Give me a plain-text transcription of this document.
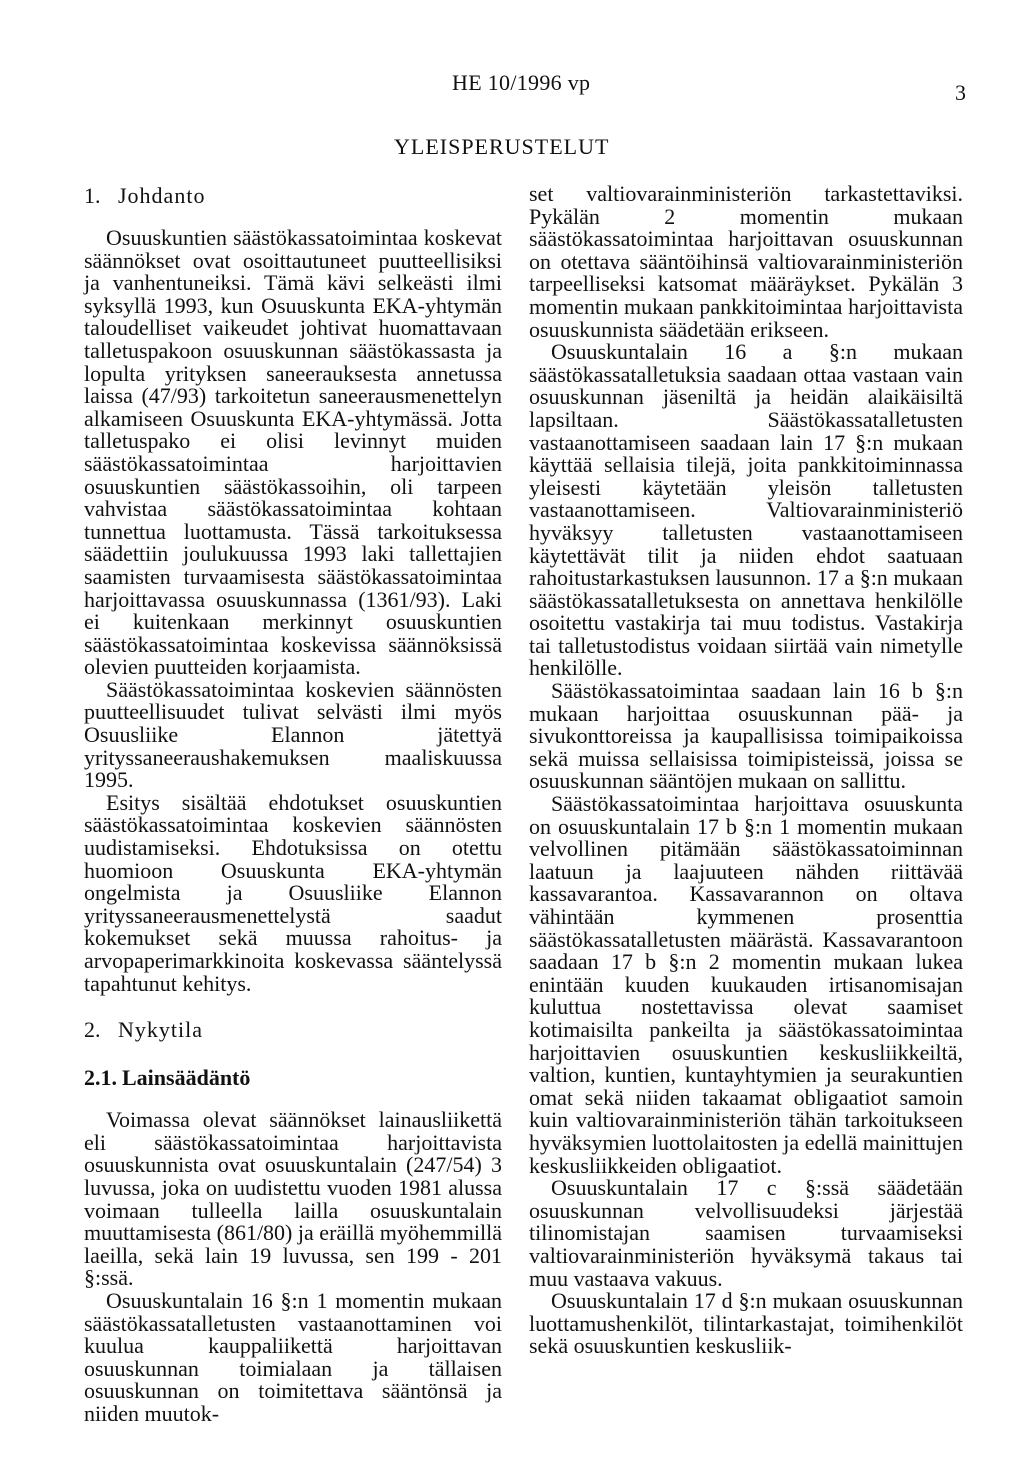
HE 10/1996 vp	3
YLEISPERUSTELUT
1. Johdanto

Osuuskuntien säästökassatoimintaa koskevat säännökset ovat osoittautuneet puutteellisiksi ja vanhentuneiksi. Tämä kävi selkeästi ilmi syksyllä 1993, kun Osuuskunta EKA-yhtymän taloudelliset vaikeudet johtivat huomattavaan talletuspakoon osuuskunnan säästökassasta ja lopulta yrityksen saneerauksesta annetussa laissa (47/93) tarkoitetun saneerausmenettelyn alkamiseen Osuuskunta EKA-yhtymässä. Jotta talletuspako ei olisi levinnyt muiden säästökassatoimintaa harjoittavien osuuskuntien säästökassoihin, oli tarpeen vahvistaa säästökassatoimintaa kohtaan tunnettua luottamusta. Tässä tarkoituksessa säädettiin joulukuussa 1993 laki tallettajien saamisten turvaamisesta säästökassatoimintaa harjoittavassa osuuskunnassa (1361/93). Laki ei kuitenkaan merkinnyt osuuskuntien säästökassatoimintaa koskevissa säännöksissä olevien puutteiden korjaamista.

Säästökassatoimintaa koskevien säännösten puutteellisuudet tulivat selvästi ilmi myös Osuusliike Elannon jätettyä yrityssaneeraushakemuksen maaliskuussa 1995.

Esitys sisältää ehdotukset osuuskuntien säästökassatoimintaa koskevien säännösten uudistamiseksi. Ehdotuksissa on otettu huomioon Osuuskunta EKA-yhtymän ongelmista ja Osuusliike Elannon yrityssaneerausmenettelystä saadut kokemukset sekä muussa rahoitus- ja arvopaperimarkkinoita koskevassa sääntelyssä tapahtunut kehitys.

2. Nykytila
2.1. Lainsäädäntö

Voimassa olevat säännökset lainausliikettä eli säästökassatoimintaa harjoittavista osuuskunnista ovat osuuskuntalain (247/54) 3 luvussa, joka on uudistettu vuoden 1981 alussa voimaan tulleella lailla osuuskuntalain muuttamisesta (861/80) ja eräillä myöhemmillä laeilla, sekä lain 19 luvussa, sen 199 - 201 §:ssä.

Osuuskuntalain 16 §:n 1 momentin mukaan säästökassatalletusten vastaanottaminen voi kuulua kauppaliikettä harjoittavan osuuskunnan toimialaan ja tällaisen osuuskunnan on toimitettava sääntönsä ja niiden muutok-

set valtiovarainministeriön tarkastettaviksi. Pykälän 2 momentin mukaan säästökassatoimintaa harjoittavan osuuskunnan on otettava sääntöihinsä valtiovarainministeriön tarpeelliseksi katsomat määräykset. Pykälän 3 momentin mukaan pankkitoimintaa harjoittavista osuuskunnista säädetään erikseen.

Osuuskuntalain 16 a §:n mukaan säästökassatalletuksia saadaan ottaa vastaan vain osuuskunnan jäseniltä ja heidän alaikäisiltä lapsiltaan. Säästökassatalletusten vastaanottamiseen saadaan lain 17 §:n mukaan käyttää sellaisia tilejä, joita pankkitoiminnassa yleisesti käytetään yleisön talletusten vastaanottamiseen. Valtiovarainministeriö hyväksyy talletusten vastaanottamiseen käytettävät tilit ja niiden ehdot saatuaan rahoitustarkastuksen lausunnon. 17 a §:n mukaan säästökassatalletuksesta on annettava henkilölle osoitettu vastakirja tai muu todistus. Vastakirja tai talletustodistus voidaan siirtää vain nimetylle henkilölle.

Säästökassatoimintaa saadaan lain 16 b §:n mukaan harjoittaa osuuskunnan pää- ja sivukonttoreissa ja kaupallisissa toimipaikoissa sekä muissa sellaisissa toimipisteissä, joissa se osuuskunnan sääntöjen mukaan on sallittu.

Säästökassatoimintaa harjoittava osuuskunta on osuuskuntalain 17 b §:n 1 momentin mukaan velvollinen pitämään säästökassatoiminnan laatuun ja laajuuteen nähden riittävää kassavarantoa. Kassavarannon on oltava vähintään kymmenen prosenttia säästökassatalletusten määrästä. Kassavarantoon saadaan 17 b §:n 2 momentin mukaan lukea enintään kuuden kuukauden irtisanomisajan kuluttua nostettavissa olevat saamiset kotimaisilta pankeilta ja säästökassatoimintaa harjoittavien osuuskuntien keskusliikkeiltä, valtion, kuntien, kuntayhtymien ja seurakuntien omat sekä niiden takaamat obligaatiot samoin kuin valtiovarainministeriön tähän tarkoitukseen hyväksymien luottolaitosten ja edellä mainittujen keskusliikkeiden obligaatiot.

Osuuskuntalain 17 c §:ssä säädetään osuuskunnan velvollisuudeksi järjestää tilinomistajan saamisen turvaamiseksi valtiovarainministeriön hyväksymä takaus tai muu vastaava vakuus.

Osuuskuntalain 17 d §:n mukaan osuuskunnan luottamushenkilöt, tilintarkastajat, toimihenkilöt sekä osuuskuntien keskusliik-
